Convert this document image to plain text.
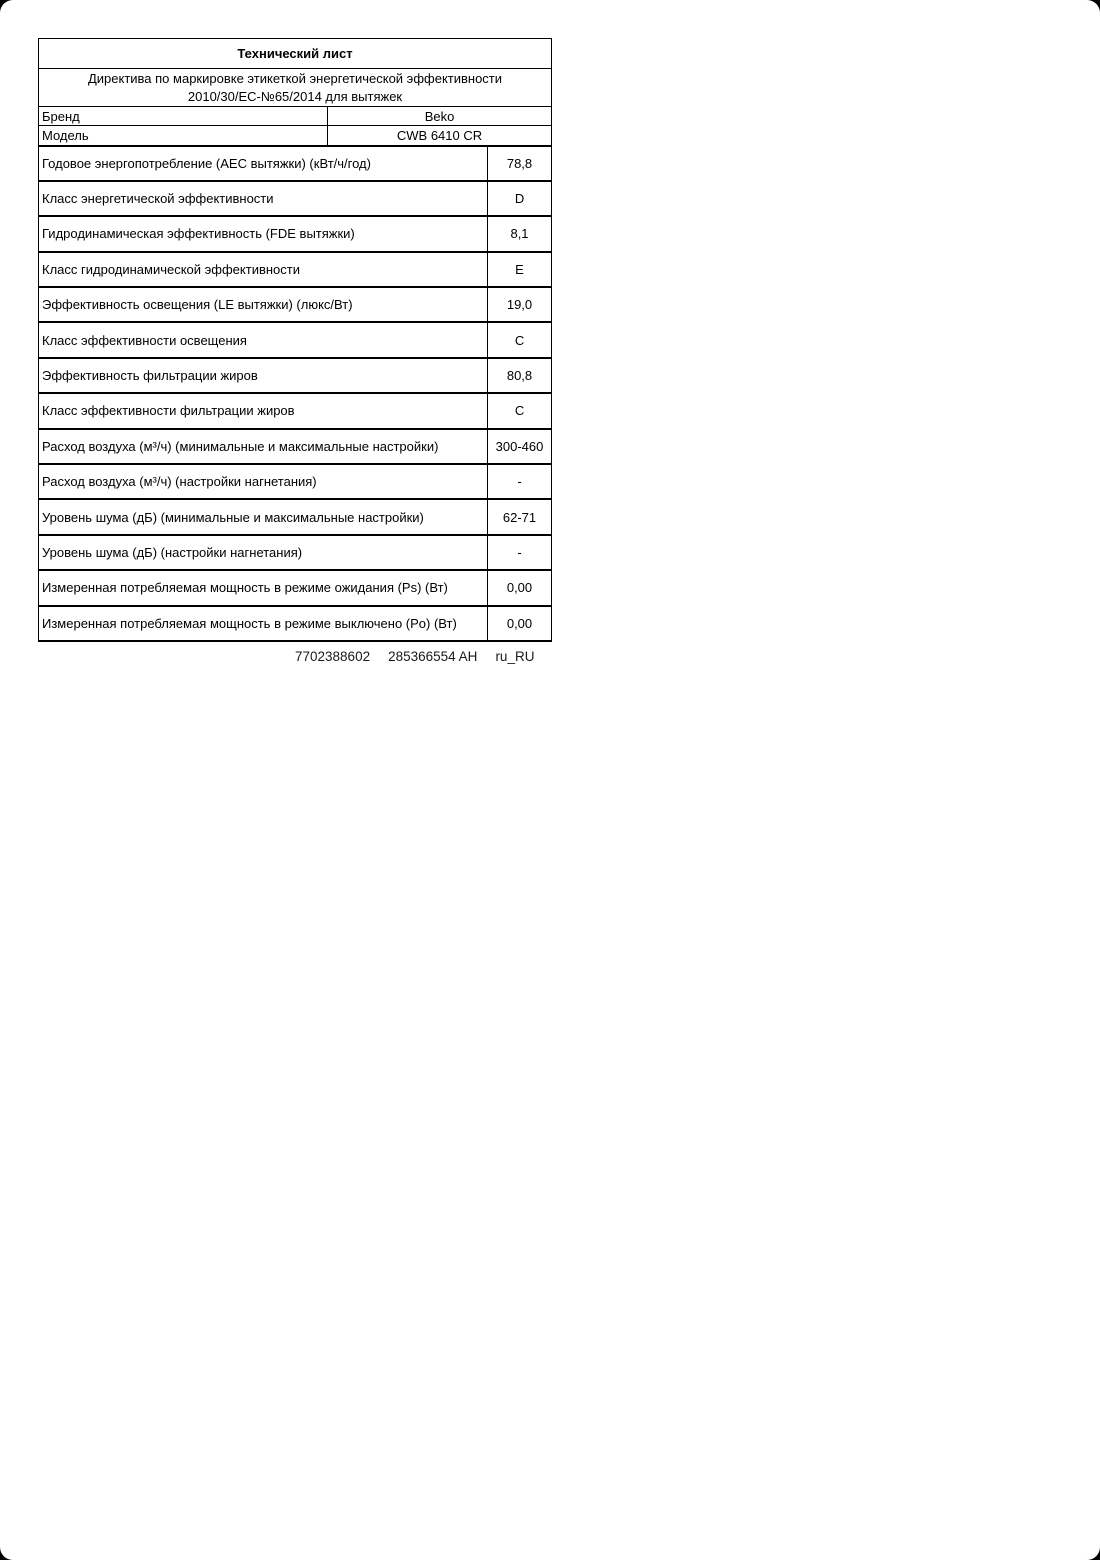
Технический лист		

Директива по маркировке этикеткой энергетической эффективности
2010/30/EC-№65/2014 для вытяжек		

Бренд	Beko	
Модель	CWB 6410 CR	
Годовое энергопотребление (AEC вытяжки) (кВт/ч/год)		78,8
Класс энергетической эффективности		D
Гидродинамическая эффективность (FDE вытяжки)		8,1
Класс гидродинамической эффективности		E
Эффективность освещения (LE вытяжки) (люкс/Вт)		19,0
Класс эффективности освещения		C
Эффективность фильтрации жиров		80,8
Класс эффективности фильтрации жиров		C
Расход воздуха (м³/ч) (минимальные и максимальные настройки)		300-460
Расход воздуха (м³/ч) (настройки нагнетания)		-
Уровень шума (дБ) (минимальные и максимальные настройки)		62-71
Уровень шума (дБ) (настройки нагнетания)		-
Измеренная потребляемая мощность в режиме ожидания (Ps) (Вт)		0,00
Измеренная потребляемая мощность в режиме выключено (Po) (Вт)		0,00
7702388602 285366554 AH ru_RU
